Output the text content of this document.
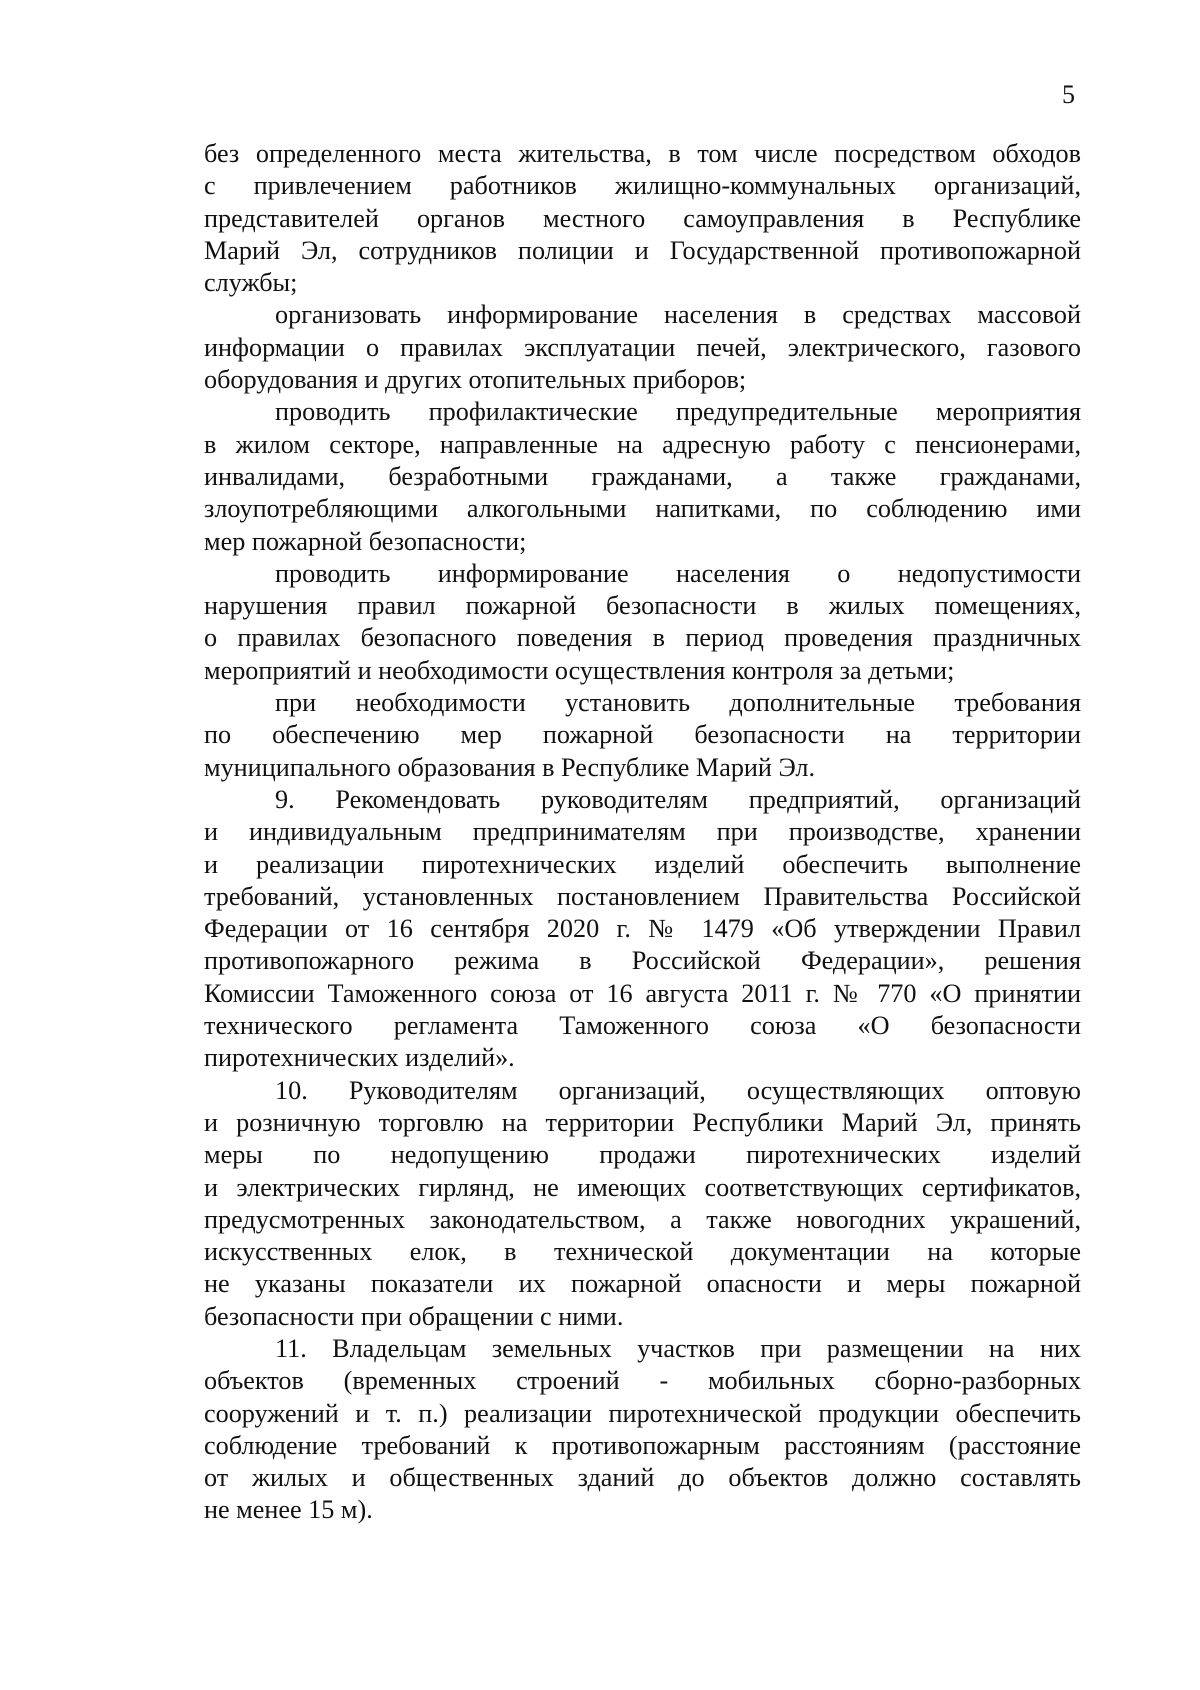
5
без определенного места жительства, в том числе посредством обходов
с привлечением работников жилищно-коммунальных организаций,
представителей органов местного самоуправления в Республике
Марий Эл, сотрудников полиции и Государственной противопожарной
службы;
организовать информирование населения в средствах массовой
информации о правилах эксплуатации печей, электрического, газового
оборудования и других отопительных приборов;
проводить профилактические предупредительные мероприятия
в жилом секторе, направленные на адресную работу с пенсионерами,
инвалидами, безработными гражданами, а также гражданами,
злоупотребляющими алкогольными напитками, по соблюдению ими
мер пожарной безопасности;
проводить информирование населения о недопустимости
нарушения правил пожарной безопасности в жилых помещениях,
о правилах безопасного поведения в период проведения праздничных
мероприятий и необходимости осуществления контроля за детьми;
при необходимости установить дополнительные требования
по обеспечению мер пожарной безопасности на территории
муниципального образования в Республике Марий Эл.
9. Рекомендовать руководителям предприятий, организаций
и индивидуальным предпринимателям при производстве, хранении
и реализации пиротехнических изделий обеспечить выполнение
требований, установленных постановлением Правительства Российской
Федерации от 16 сентября 2020 г. № 1479 «Об утверждении Правил
противопожарного режима в Российской Федерации», решения
Комиссии Таможенного союза от 16 августа 2011 г. № 770 «О принятии
технического регламента Таможенного союза «О безопасности
пиротехнических изделий».
10. Руководителям организаций, осуществляющих оптовую
и розничную торговлю на территории Республики Марий Эл, принять
меры по недопущению продажи пиротехнических изделий
и электрических гирлянд, не имеющих соответствующих сертификатов,
предусмотренных законодательством, а также новогодних украшений,
искусственных елок, в технической документации на которые
не указаны показатели их пожарной опасности и меры пожарной
безопасности при обращении с ними.
11. Владельцам земельных участков при размещении на них
объектов (временных строений - мобильных сборно-разборных
сооружений и т. п.) реализации пиротехнической продукции обеспечить
соблюдение требований к противопожарным расстояниям (расстояние
от жилых и общественных зданий до объектов должно составлять
не менее 15 м).
